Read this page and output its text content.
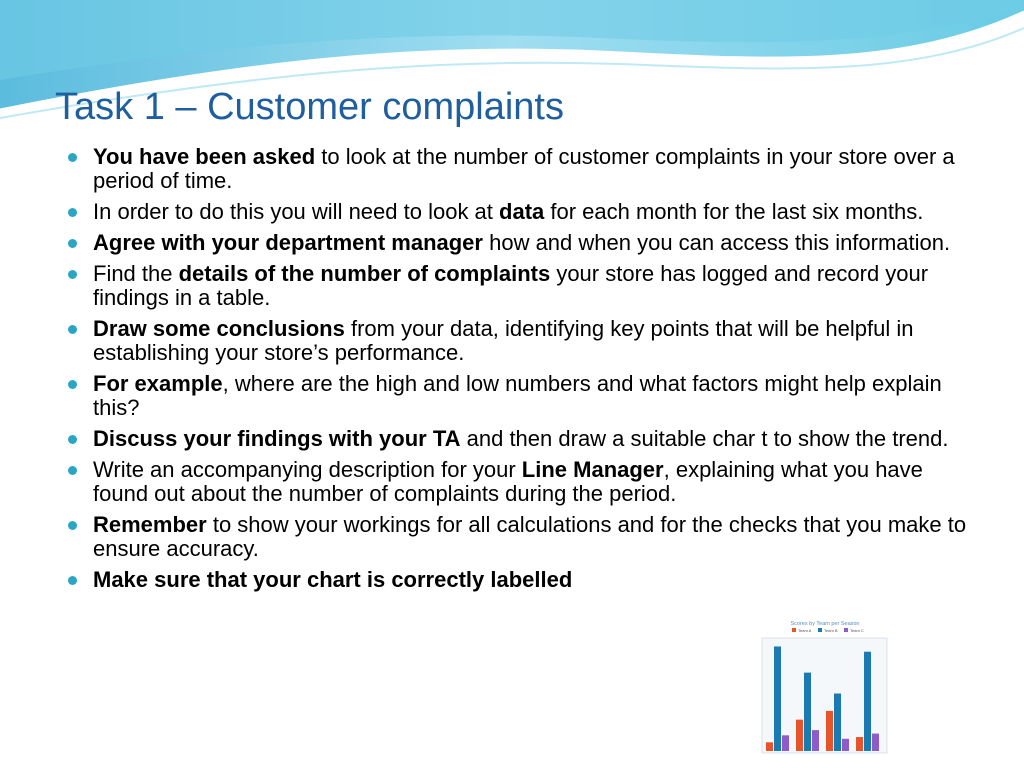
Task 1 – Customer complaints
You have been asked to look at the number of customer complaints in your store over a period of time.
In order to do this you will need to look at data for each month for the last six months.
Agree with your department manager how and when you can access this information.
Find the details of the number of complaints your store has logged and record your findings in a table.
Draw some conclusions from your data, identifying key points that will be helpful in establishing your store’s performance.
For example, where are the high and low numbers and what factors might help explain this?
Discuss your findings with your TA and then draw a suitable char t to show the trend.
Write an accompanying description for your Line Manager, explaining what you have found out about the number of complaints during the period.
Remember to show your workings for all calculations and for the checks that you make to ensure accuracy.
Make sure that your chart is correctly labelled
Scores by Team per Season
Team A	Team B	Team C
